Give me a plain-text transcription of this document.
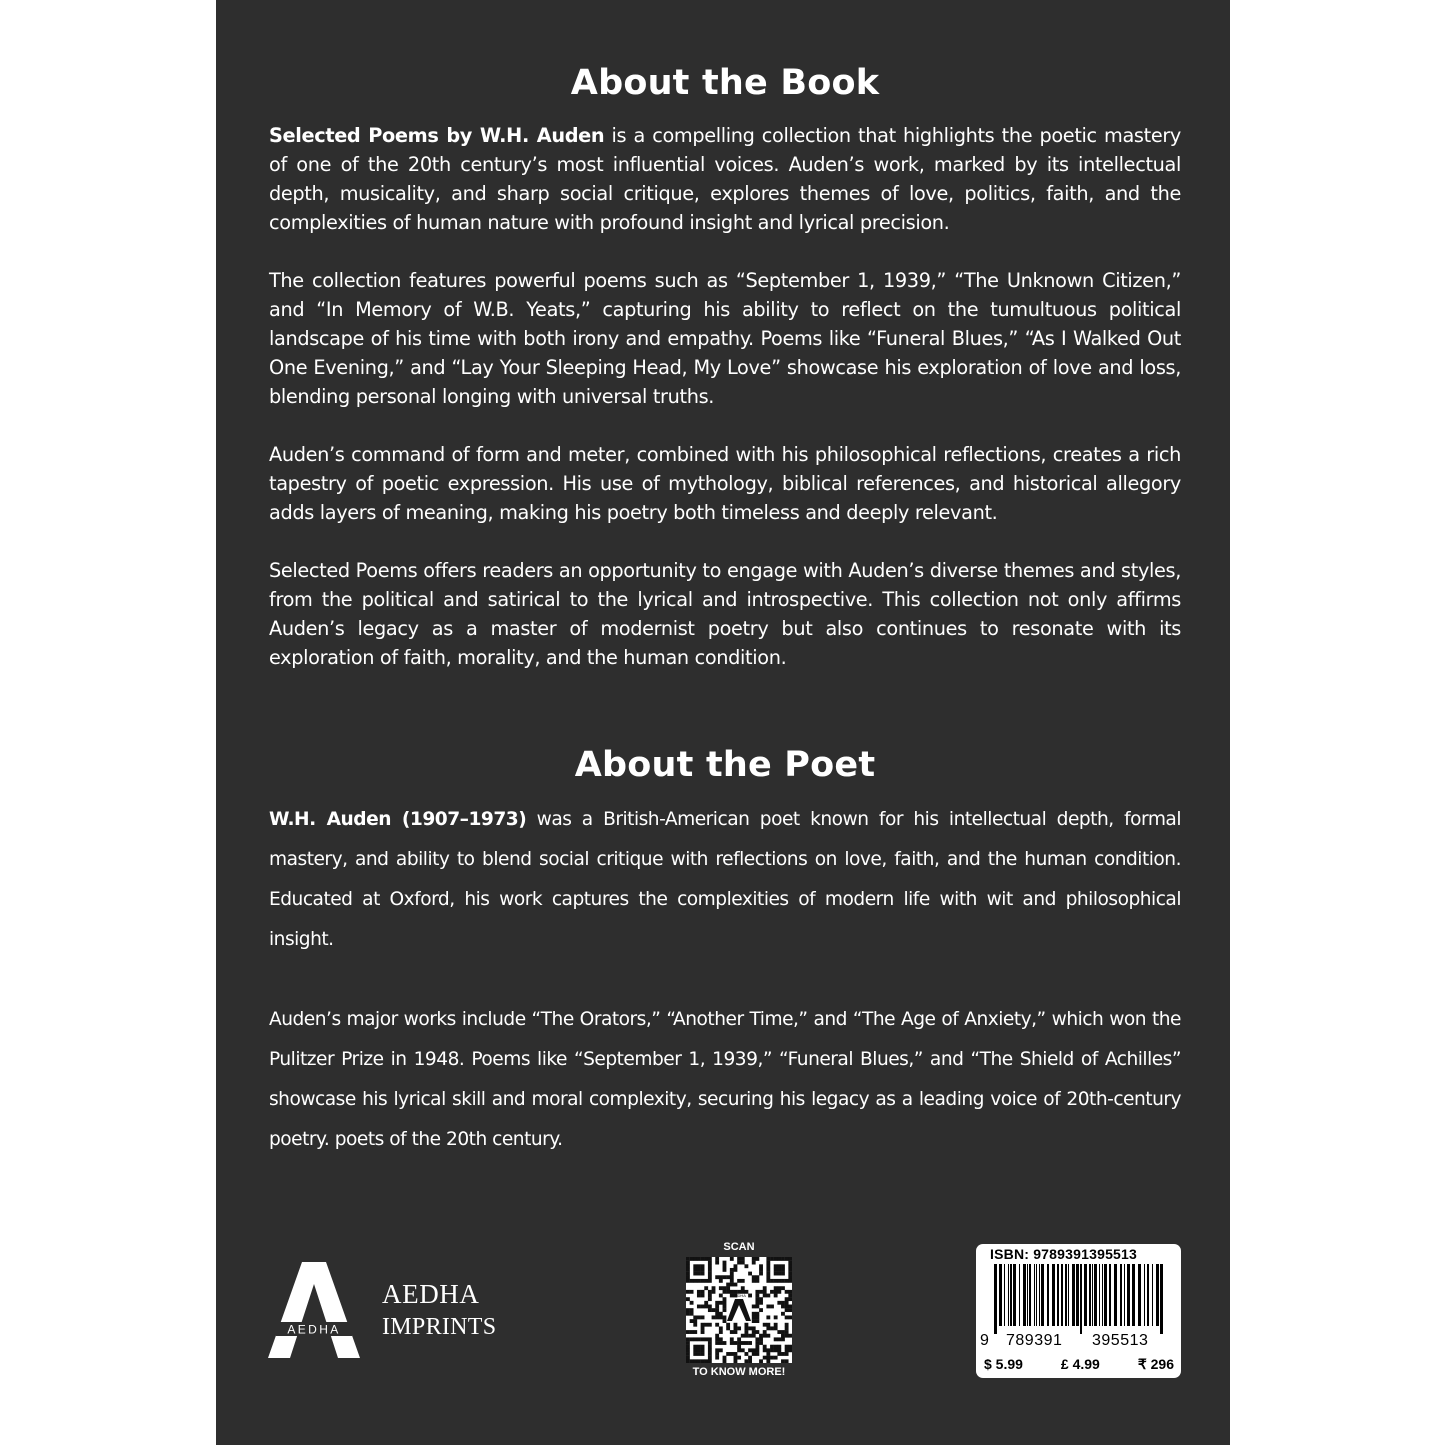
About the Book

Selected Poems by W.H. Auden is a compelling collection that highlights the poetic mastery of one of the 20th century’s most influential voices. Auden’s work, marked by its intellectual depth, musicality, and sharp social critique, explores themes of love, politics, faith, and the complexities of human nature with profound insight and lyrical precision.

The collection features powerful poems such as “September 1, 1939,” “The Unknown Citizen,” and “In Memory of W.B. Yeats,” capturing his ability to reflect on the tumultuous political landscape of his time with both irony and empathy. Poems like “Funeral Blues,” “As I Walked Out One Evening,” and “Lay Your Sleeping Head, My Love” showcase his exploration of love and loss, blending personal longing with universal truths.

Auden’s command of form and meter, combined with his philosophical reflections, creates a rich tapestry of poetic expression. His use of mythology, biblical references, and historical allegory adds layers of meaning, making his poetry both timeless and deeply relevant.

Selected Poems offers readers an opportunity to engage with Auden’s diverse themes and styles, from the political and satirical to the lyrical and introspective. This collection not only affirms Auden’s legacy as a master of modernist poetry but also continues to resonate with its exploration of faith, morality, and the human condition.

About the Poet

W.H. Auden (1907–1973) was a British-American poet known for his intellectual depth, formal mastery, and ability to blend social critique with reflections on love, faith, and the human condition. Educated at Oxford, his work captures the complexities of modern life with wit and philosophical insight.

Auden’s major works include “The Orators,” “Another Time,” and “The Age of Anxiety,” which won the Pulitzer Prize in 1948. Poems like “September 1, 1939,” “Funeral Blues,” and “The Shield of Achilles” showcase his lyrical skill and moral complexity, securing his legacy as a leading voice of 20th-century poetry. poets of the 20th century.

AEDHA
AEDHA
IMPRINTS
SCAN
AEDHA
TO KNOW MORE!
ISBN: 9789391395513
9 789391 395513
$ 5.99	£ 4.99	₹ 296
